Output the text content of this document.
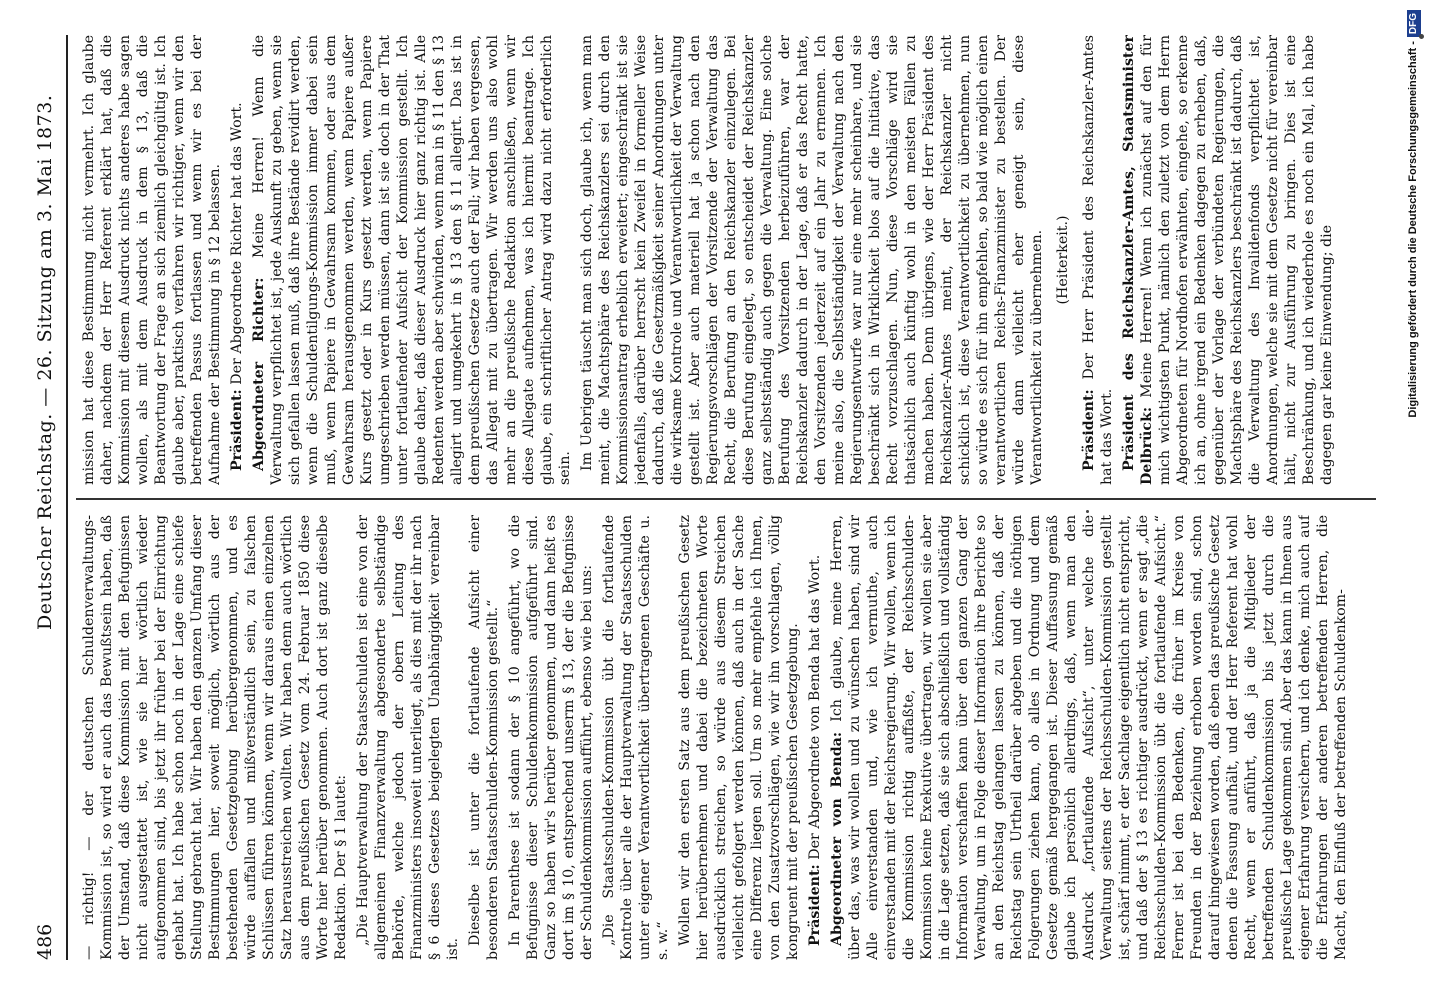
486
Deutscher Reichstag. — 26. Sitzung am 3. Mai 1873.

— richtig! — der deutschen Schuldenverwaltungs-Kommission ist, so wird er auch das Bewußtsein haben, daß der Umstand, daß diese Kommission mit den Befugnissen nicht ausgestattet ist, wie sie hier wörtlich wieder aufgenommen sind, bis jetzt ihr früher bei der Einrichtung gehabt hat. Ich habe schon noch in der Lage eine schiefe Stellung gebracht hat. Wir haben den ganzen Umfang dieser Bestimmungen hier, soweit möglich, wörtlich aus der bestehenden Gesetzgebung herübergenommen, und es würde auffallen und mißverständlich sein, zu falschen Schlüssen führen können, wenn wir daraus einen einzelnen Satz herausstreichen wollten. Wir haben denn auch wörtlich aus dem preußischen Gesetz vom 24. Februar 1850 diese Worte hier herüber genommen. Auch dort ist ganz dieselbe Redaktion. Der § 1 lautet: „Die Hauptverwaltung der Staatsschulden ist eine von der allgemeinen Finanzverwaltung abgesonderte selbständige Behörde, welche jedoch der obern Leitung des Finanzministers insoweit unterliegt, als dies mit der ihr nach § 6 dieses Gesetzes beigelegten Unabhängigkeit vereinbar ist.

Dieselbe ist unter die fortlaufende Aufsicht einer besonderen Staatsschulden-Kommission gestellt.“ In Parenthese ist sodann der § 10 angeführt, wo die Befugnisse dieser Schuldenkommission aufgeführt sind. Ganz so haben wir's herüber genommen, und dann heißt es dort im § 10, entsprechend unserm § 13, der die Befugnisse der Schuldenkommission aufführt, ebenso wie bei uns: „Die Staatsschulden-Kommission übt die fortlaufende Kontrole über alle der Hauptverwaltung der Staatsschulden unter eigener Verantwortlichkeit übertragenen Geschäfte u. s. w.“ Wollen wir den ersten Satz aus dem preußischen Gesetz hier herübernehmen und dabei die bezeichneten Worte ausdrücklich streichen, so würde aus diesem Streichen vielleicht gefolgert werden können, daß auch in der Sache eine Differenz liegen soll. Um so mehr empfehle ich Ihnen, von den Zusatzvorschlägen, wie wir ihn vorschlagen, völlig kongruent mit der preußischen Gesetzgebung. Präsident: Der Abgeordnete von Benda hat das Wort. Abgeordneter von Benda: Ich glaube, meine Herren, über das, was wir wollen und zu wünschen haben, sind wir Alle einverstanden und, wie ich vermuthe, auch einverstanden mit der Reichsregierung. Wir wollen, wenn ich die Kommission richtig auffaßte, der Reichsschulden-Kommission keine Exekutive übertragen, wir wollen sie aber in die Lage setzen, daß sie sich abschließlich und vollständig Information verschaffen kann über den ganzen Gang der Verwaltung, um in Folge dieser Information ihre Berichte so an den Reichstag gelangen lassen zu können, daß der Reichstag sein Urtheil darüber abgeben und die nöthigen Folgerungen ziehen kann, ob alles in Ordnung und dem Gesetze gemäß hergegangen ist. Dieser Auffassung gemäß glaube ich persönlich allerdings, daß, wenn man den Ausdruck „fortlaufende Aufsicht“, unter welche die Verwaltung seitens der Reichsschulden-Kommission gestellt ist, schärf nimmt, er der Sachlage eigentlich nicht entspricht, und daß der § 13 es richtiger ausdrückt, wenn er sagt „die Reichsschulden-Kommission übt die fortlaufende Aufsicht.“ Ferner ist bei den Bedenken, die früher im Kreise von Freunden in der Beziehung erhoben worden sind, schon darauf hingewiesen worden, daß eben das preußische Gesetz denen die Fassung aufhält, und der Herr Referent hat wohl Recht, wenn er anführt, daß ja die Mitglieder der betreffenden Schuldenkommission bis jetzt durch die preußische Lage gekommen sind. Aber das kann in Ihnen aus eigener Erfahrung versichern, und ich denke, mich auch auf die Erfahrungen der anderen betreffenden Herren, die Macht, den Einfluß der betreffenden Schuldenkom-

mission hat diese Bestimmung nicht vermehrt. Ich glaube daher, nachdem der Herr Referent erklärt hat, daß die Kommission mit diesem Ausdruck nichts anderes habe sagen wollen, als mit dem Ausdruck in dem § 13, daß die Beantwortung der Frage an sich ziemlich gleichgültig ist. Ich glaube aber, praktisch verfahren wir richtiger, wenn wir den betreffenden Passus fortlassen und wenn wir es bei der Aufnahme der Bestimmung in § 12 belassen. Präsident: Der Abgeordnete Richter hat das Wort. Abgeordneter Richter: Meine Herren! Wenn die Verwaltung verpflichtet ist, jede Auskunft zu geben, wenn sie sich gefallen lassen muß, daß ihre Bestände revidirt werden, wenn die Schuldentilgungs-Kommission immer dabei sein muß, wenn Papiere in Gewahrsam kommen, oder aus dem Gewahrsam herausgenommen werden, wenn Papiere außer Kurs gesetzt oder in Kurs gesetzt werden, wenn Papiere umgeschrieben werden müssen, dann ist sie doch in der That unter fortlaufender Aufsicht der Kommission gestellt. Ich glaube daher, daß dieser Ausdruck hier ganz richtig ist. Alle Redenten werden aber schwinden, wenn man in § 11 den § 13 allegirt und umgekehrt in § 13 den § 11 allegirt. Das ist in dem preußischen Gesetze auch der Fall; wir haben vergessen, das Allegat mit zu übertragen. Wir werden uns also wohl mehr an die preußische Redaktion anschließen, wenn wir diese Allegate aufnehmen, was ich hiermit beantrage. Ich glaube, ein schriftlicher Antrag wird dazu nicht erforderlich sein. Im Uebrigen täuscht man sich doch, glaube ich, wenn man meint, die Machtsphäre des Reichskanzlers sei durch den Kommissionsantrag erheblich erweitert; eingeschränkt ist sie jedenfalls, darüber herrscht kein Zweifel in formeller Weise dadurch, daß die Gesetzmäßigkeit seiner Anordnungen unter die wirksame Kontrole und Verantwortlichkeit der Verwaltung gestellt ist. Aber auch materiell hat ja schon nach den Regierungsvorschlägen der Vorsitzende der Verwaltung das Recht, die Berufung an den Reichskanzler einzulegen. Bei diese Berufung eingelegt, so entscheidet der Reichskanzler ganz selbstständig auch gegen die Verwaltung. Eine solche Berufung des Vorsitzenden herbeizuführen, war der Reichskanzler dadurch in der Lage, daß er das Recht hatte, den Vorsitzenden jederzeit auf ein Jahr zu ernennen. Ich meine also, die Selbstständigkeit der Verwaltung nach den Regierungsentwurfe war nur eine mehr scheinbare, und sie beschränkt sich in Wirklichkeit blos auf die Initiative, das Recht vorzuschlagen. Nun, diese Vorschläge wird sie thatsächlich auch künftig wohl in den meisten Fällen zu machen haben. Denn übrigens, wie der Herr Präsident des Reichskanzler-Amtes meint, der Reichskanzler nicht schicklich ist, diese Verantwortlichkeit zu übernehmen, nun so würde es sich für ihn empfehlen, so bald wie möglich einen verantwortlichen Reichs-Finanzminister zu bestellen. Der würde dann vielleicht eher geneigt sein, diese Verantwortlichkeit zu übernehmen. (Heiterkeit.)

Präsident: Der Herr Präsident des Reichskanzler-Amtes hat das Wort. Präsident des Reichskanzler-Amtes, Staatsminister Delbrück: Meine Herren! Wenn ich zunächst auf den für mich wichtigsten Punkt, nämlich den zuletzt von dem Herrn Abgeordneten für Nordhofen erwähnten, eingehe, so erkenne ich an, ohne irgend ein Bedenken dagegen zu erheben, daß, gegenüber der Vorlage der verbündeten Regierungen, die Machtsphäre des Reichskanzlers beschränkt ist dadurch, daß die Verwaltung des Invalidenfonds verpflichtet ist, Anordnungen, welche sie mit dem Gesetze nicht für vereinbar hält, nicht zur Ausführung zu bringen. Dies ist eine Beschränkung, und ich wiederhole es noch ein Mal, ich habe dagegen gar keine Einwendung; die	Digitalisierung gefördert durch die Deutsche Forschungsgemeinschaft -DFG
